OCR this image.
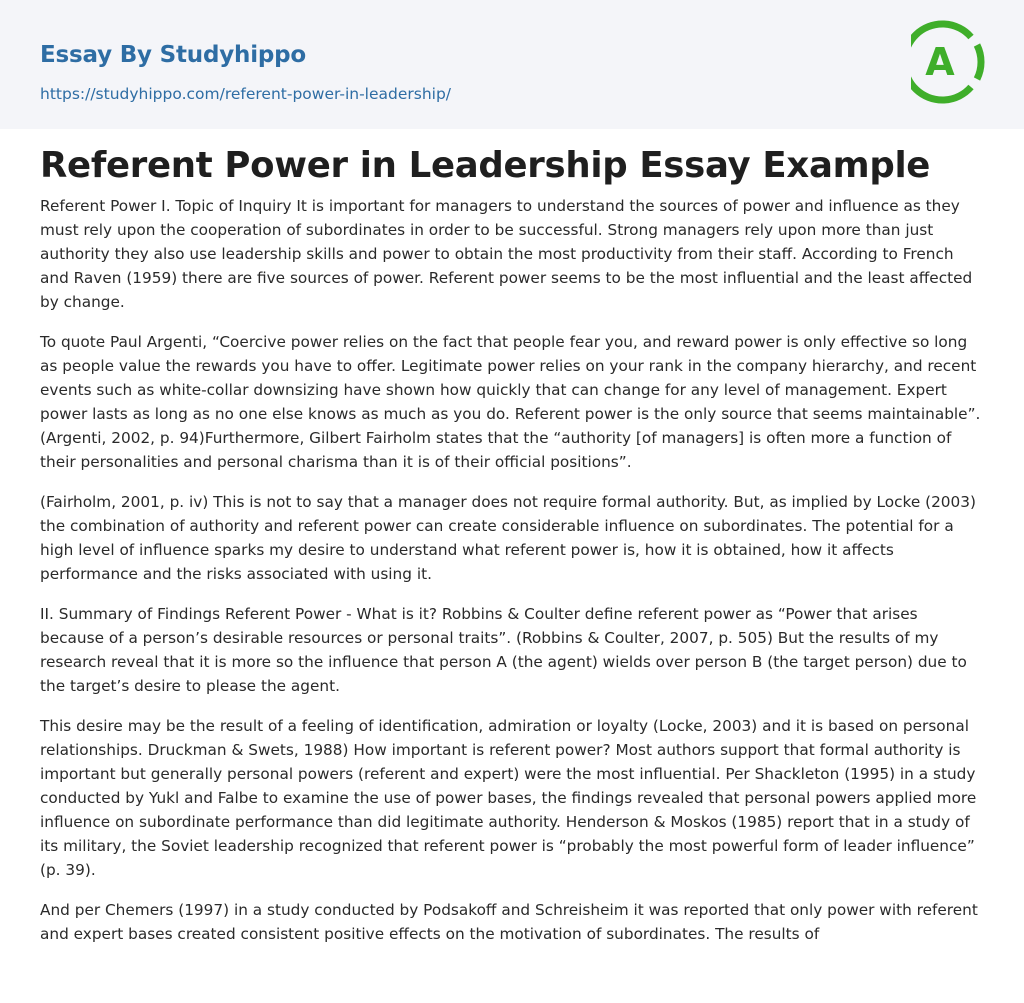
Essay By Studyhippo
https://studyhippo.com/referent-power-in-leadership/
A
Referent Power in Leadership Essay Example

Referent Power I. Topic of Inquiry It is important for managers to understand the sources of power and influence as they must rely upon the cooperation of subordinates in order to be successful. Strong managers rely upon more than just authority they also use leadership skills and power to obtain the most productivity from their staff. According to French and Raven (1959) there are five sources of power. Referent power seems to be the most influential and the least affected by change.

To quote Paul Argenti, “Coercive power relies on the fact that people fear you, and reward power is only effective so long as people value the rewards you have to offer. Legitimate power relies on your rank in the company hierarchy, and recent events such as white-collar downsizing have shown how quickly that can change for any level of management. Expert power lasts as long as no one else knows as much as you do. Referent power is the only source that seems maintainable”. (Argenti, 2002, p. 94)Furthermore, Gilbert Fairholm states that the “authority [of managers] is often more a function of their personalities and personal charisma than it is of their official positions”.

(Fairholm, 2001, p. iv) This is not to say that a manager does not require formal authority. But, as implied by Locke (2003) the combination of authority and referent power can create considerable influence on subordinates. The potential for a high level of influence sparks my desire to understand what referent power is, how it is obtained, how it affects performance and the risks associated with using it.

II. Summary of Findings Referent Power - What is it? Robbins & Coulter define referent power as “Power that arises because of a person’s desirable resources or personal traits”. (Robbins & Coulter, 2007, p. 505) But the results of my research reveal that it is more so the influence that person A (the agent) wields over person B (the target person) due to the target’s desire to please the agent.

This desire may be the result of a feeling of identification, admiration or loyalty (Locke, 2003) and it is based on personal relationships. Druckman & Swets, 1988) How important is referent power? Most authors support that formal authority is important but generally personal powers (referent and expert) were the most influential. Per Shackleton (1995) in a study conducted by Yukl and Falbe to examine the use of power bases, the findings revealed that personal powers applied more influence on subordinate performance than did legitimate authority. Henderson & Moskos (1985) report that in a study of its military, the Soviet leadership recognized that referent power is “probably the most powerful form of leader influence” (p. 39).

And per Chemers (1997) in a study conducted by Podsakoff and Schreisheim it was reported that only power with referent and expert bases created consistent positive effects on the motivation of subordinates. The results of
